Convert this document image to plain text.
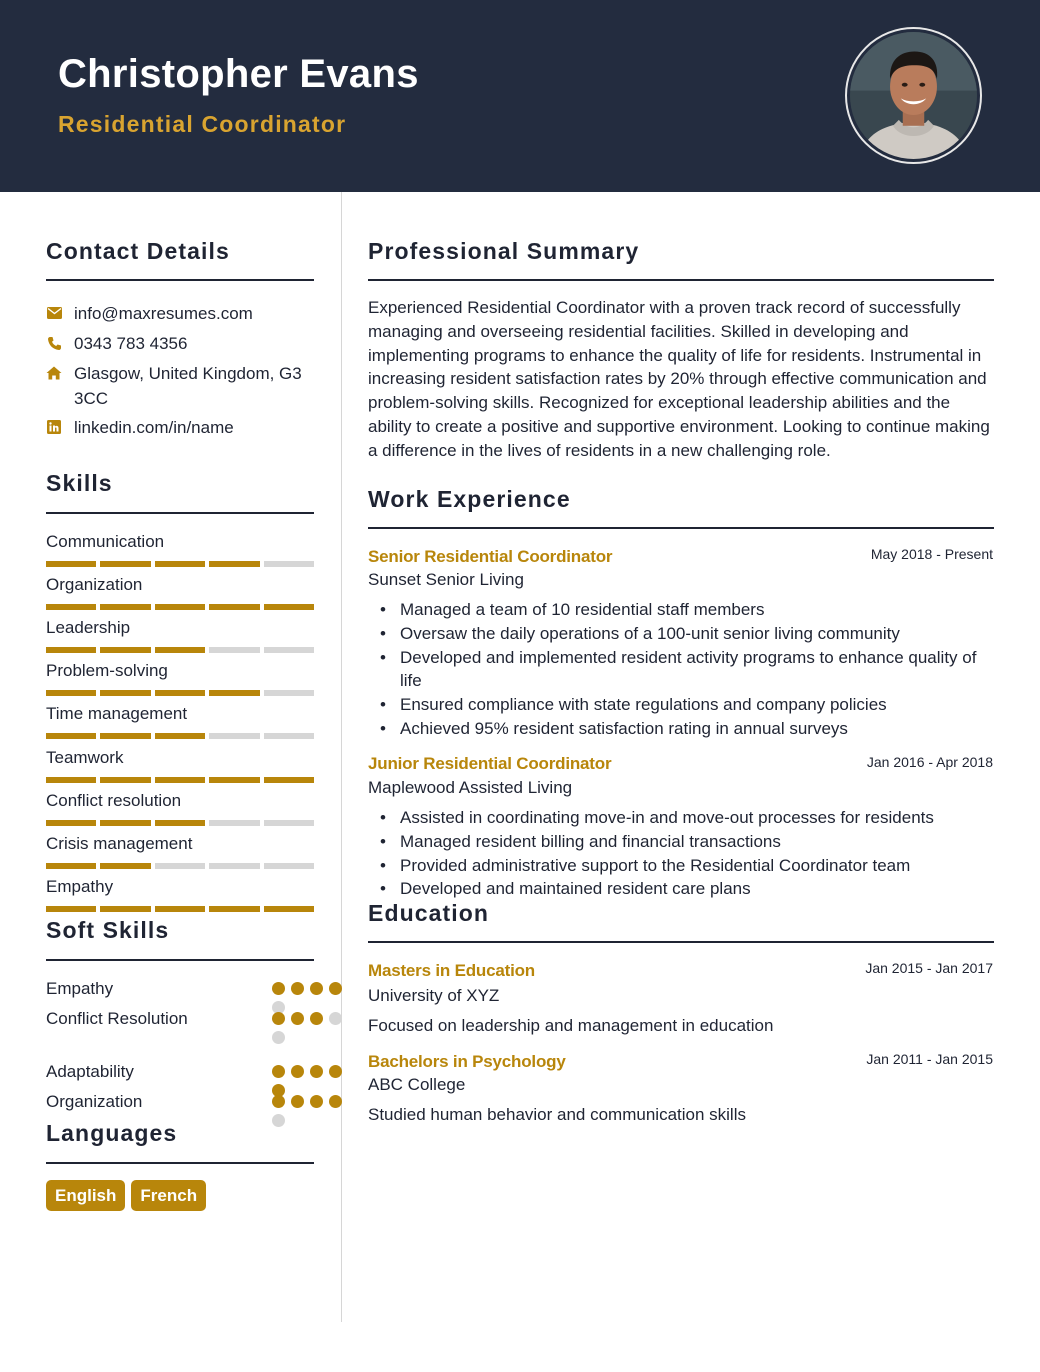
Christopher Evans
Residential Coordinator
Contact Details
info@maxresumes.com
0343 783 4356
Glasgow, United Kingdom, G3 3CC
linkedin.com/in/name
Skills
Communication
Organization
Leadership
Problem-solving
Time management
Teamwork
Conflict resolution
Crisis management
Empathy
Soft Skills
Empathy
Conflict Resolution
Adaptability
Organization
Languages
English	French
Professional Summary
Experienced Residential Coordinator with a proven track record of successfully managing and overseeing residential facilities. Skilled in developing and implementing programs to enhance the quality of life for residents. Instrumental in increasing resident satisfaction rates by 20% through effective communication and problem-solving skills. Recognized for exceptional leadership abilities and the ability to create a positive and supportive environment. Looking to continue making a difference in the lives of residents in a new challenging role.
Work Experience
Senior Residential Coordinator	May 2018 - Present
Sunset Senior Living
• Managed a team of 10 residential staff members
• Oversaw the daily operations of a 100-unit senior living community
• Developed and implemented resident activity programs to enhance quality of life
• Ensured compliance with state regulations and company policies
• Achieved 95% resident satisfaction rating in annual surveys
Junior Residential Coordinator	Jan 2016 - Apr 2018
Maplewood Assisted Living
• Assisted in coordinating move-in and move-out processes for residents
• Managed resident billing and financial transactions
• Provided administrative support to the Residential Coordinator team
• Developed and maintained resident care plans
Education
Masters in Education	Jan 2015 - Jan 2017
University of XYZ
Focused on leadership and management in education
Bachelors in Psychology	Jan 2011 - Jan 2015
ABC College
Studied human behavior and communication skills
